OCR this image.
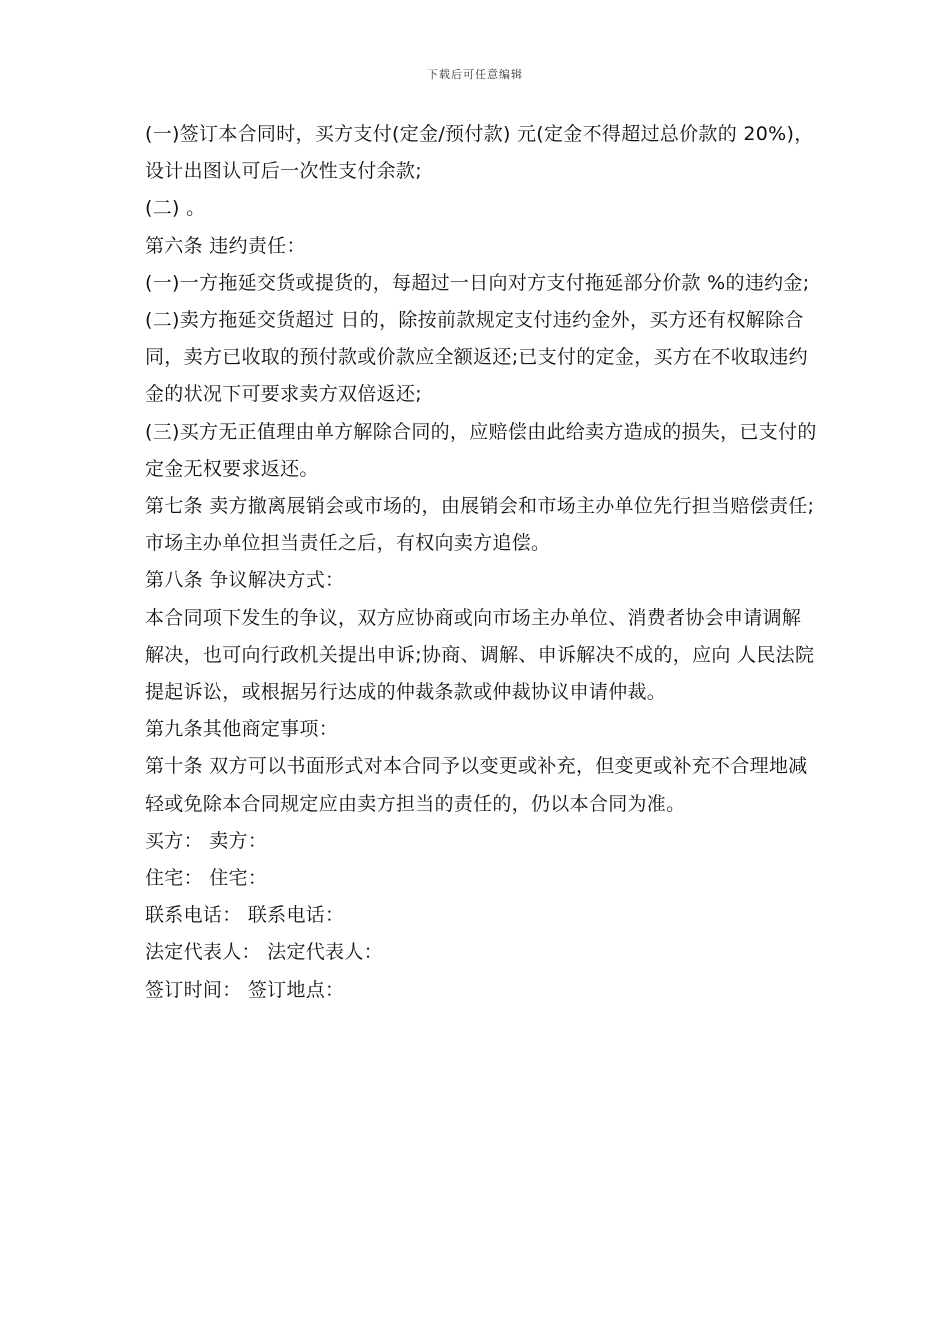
下载后可任意编辑

(一)签订本合同时，买方支付(定金/预付款) 元(定金不得超过总价款的 20%)，设计出图认可后一次性支付余款;

(二) 。

第六条 违约责任：

(一)一方拖延交货或提货的，每超过一日向对方支付拖延部分价款 %的违约金;

(二)卖方拖延交货超过 日的，除按前款规定支付违约金外，买方还有权解除合同，卖方已收取的预付款或价款应全额返还;已支付的定金，买方在不收取违约金的状况下可要求卖方双倍返还;

(三)买方无正值理由单方解除合同的，应赔偿由此给卖方造成的损失，已支付的定金无权要求返还。

第七条 卖方撤离展销会或市场的，由展销会和市场主办单位先行担当赔偿责任;市场主办单位担当责任之后，有权向卖方追偿。

第八条 争议解决方式：

本合同项下发生的争议，双方应协商或向市场主办单位、消费者协会申请调解解决，也可向行政机关提出申诉;协商、调解、申诉解决不成的，应向 人民法院提起诉讼，或根据另行达成的仲裁条款或仲裁协议申请仲裁。

第九条其他商定事项：

第十条 双方可以书面形式对本合同予以变更或补充，但变更或补充不合理地减轻或免除本合同规定应由卖方担当的责任的，仍以本合同为准。

买方： 卖方：

住宅： 住宅：

联系电话： 联系电话：

法定代表人： 法定代表人：

签订时间： 签订地点：
